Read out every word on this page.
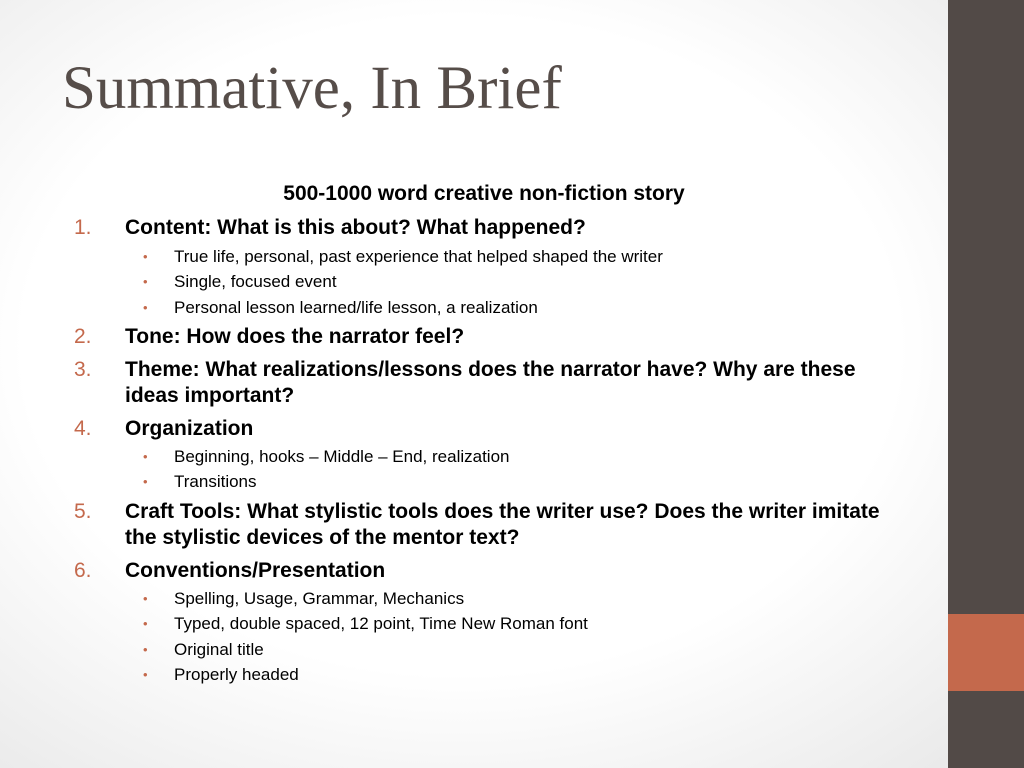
Summative, In Brief
500-1000 word creative non-fiction story
1. Content: What is this about? What happened?
• True life, personal, past experience that helped shaped the writer
• Single, focused event
• Personal lesson learned/life lesson, a realization
2. Tone: How does the narrator feel?
3. Theme: What realizations/lessons does the narrator have? Why are these ideas important?
4. Organization
• Beginning, hooks – Middle – End, realization
• Transitions
5. Craft Tools: What stylistic tools does the writer use? Does the writer imitate the stylistic devices of the mentor text?
6. Conventions/Presentation
• Spelling, Usage, Grammar, Mechanics
• Typed, double spaced, 12 point, Time New Roman font
• Original title
• Properly headed
